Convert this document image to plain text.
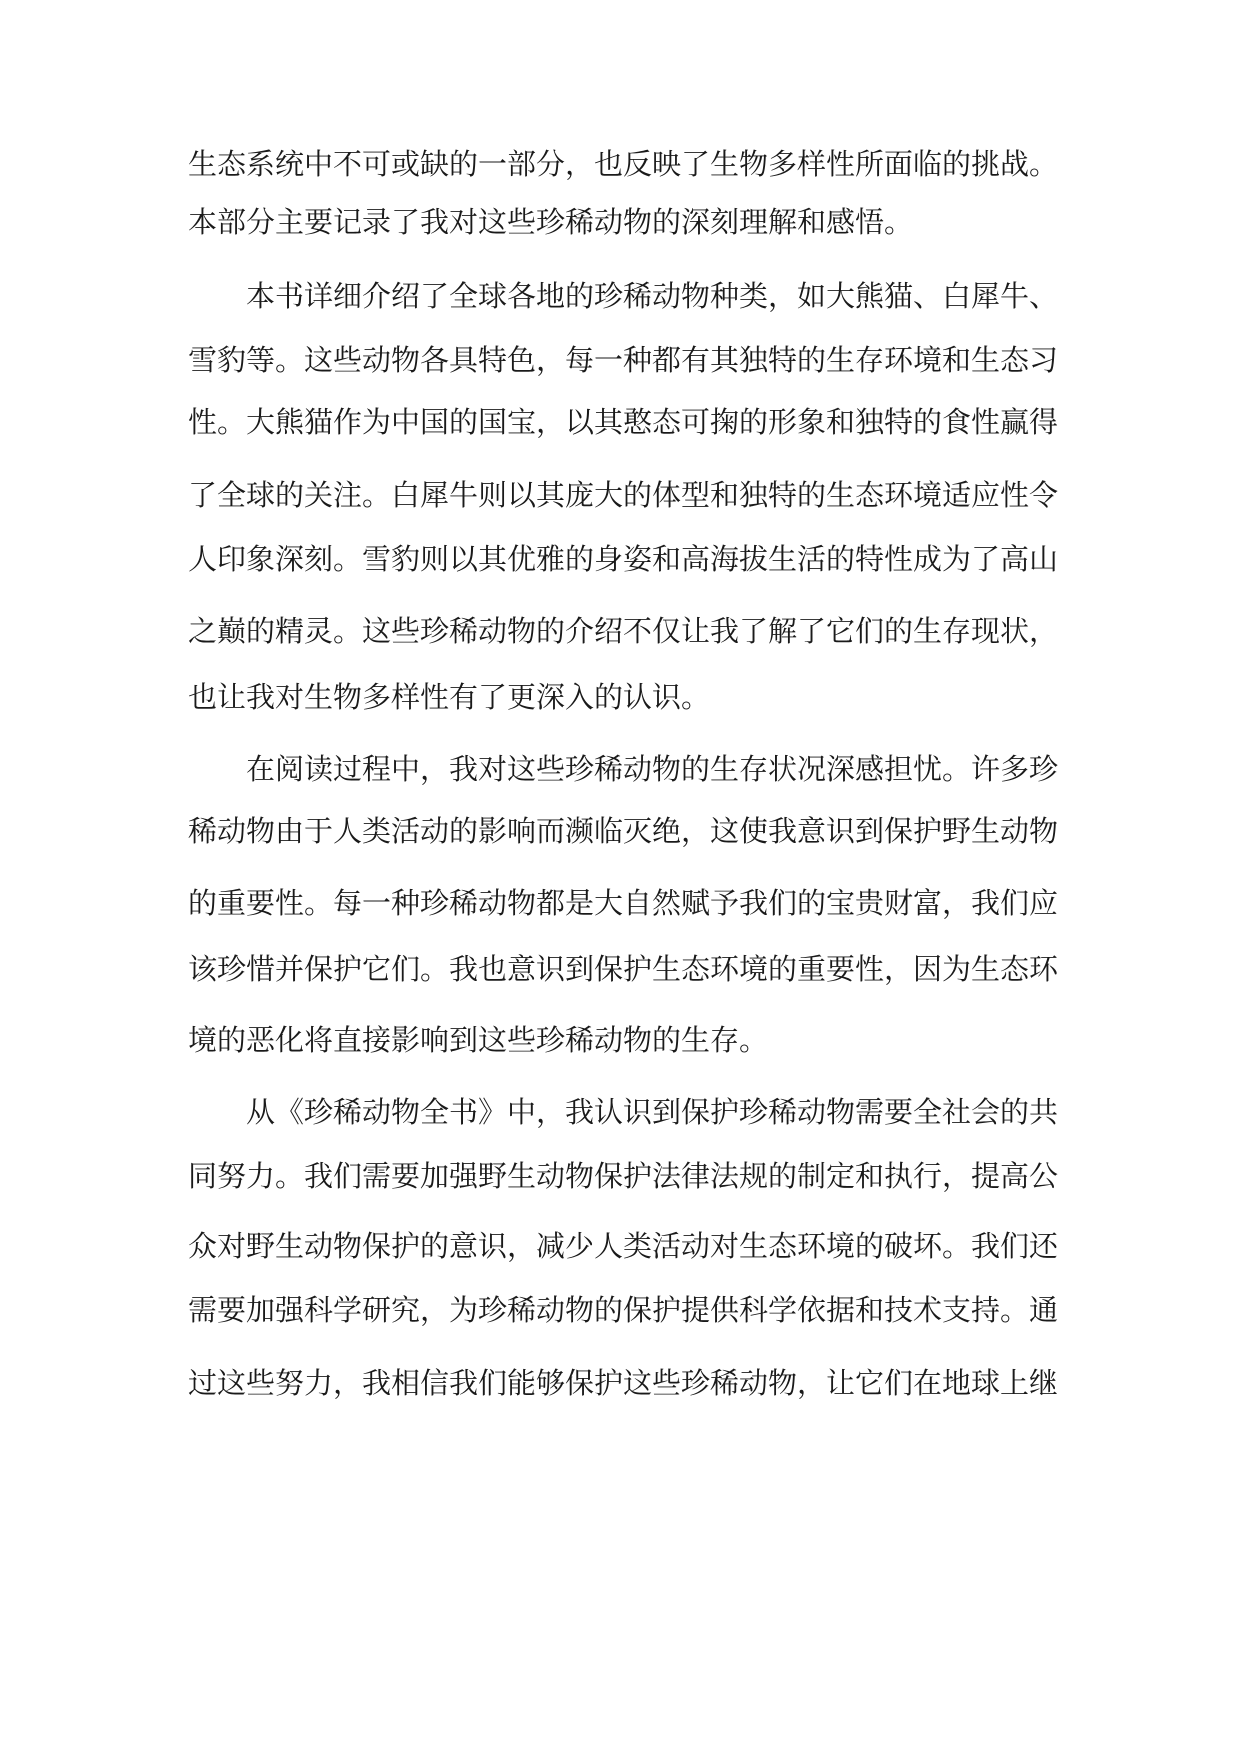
生态系统中不可或缺的一部分，也反映了生物多样性所面临的挑战。
本部分主要记录了我对这些珍稀动物的深刻理解和感悟。
本书详细介绍了全球各地的珍稀动物种类，如大熊猫、白犀牛、
雪豹等。这些动物各具特色，每一种都有其独特的生存环境和生态习
性。大熊猫作为中国的国宝，以其憨态可掬的形象和独特的食性赢得
了全球的关注。白犀牛则以其庞大的体型和独特的生态环境适应性令
人印象深刻。雪豹则以其优雅的身姿和高海拔生活的特性成为了高山
之巅的精灵。这些珍稀动物的介绍不仅让我了解了它们的生存现状，
也让我对生物多样性有了更深入的认识。
在阅读过程中，我对这些珍稀动物的生存状况深感担忧。许多珍
稀动物由于人类活动的影响而濒临灭绝，这使我意识到保护野生动物
的重要性。每一种珍稀动物都是大自然赋予我们的宝贵财富，我们应
该珍惜并保护它们。我也意识到保护生态环境的重要性，因为生态环
境的恶化将直接影响到这些珍稀动物的生存。
从《珍稀动物全书》中，我认识到保护珍稀动物需要全社会的共
同努力。我们需要加强野生动物保护法律法规的制定和执行，提高公
众对野生动物保护的意识，减少人类活动对生态环境的破坏。我们还
需要加强科学研究，为珍稀动物的保护提供科学依据和技术支持。通
过这些努力，我相信我们能够保护这些珍稀动物，让它们在地球上继
